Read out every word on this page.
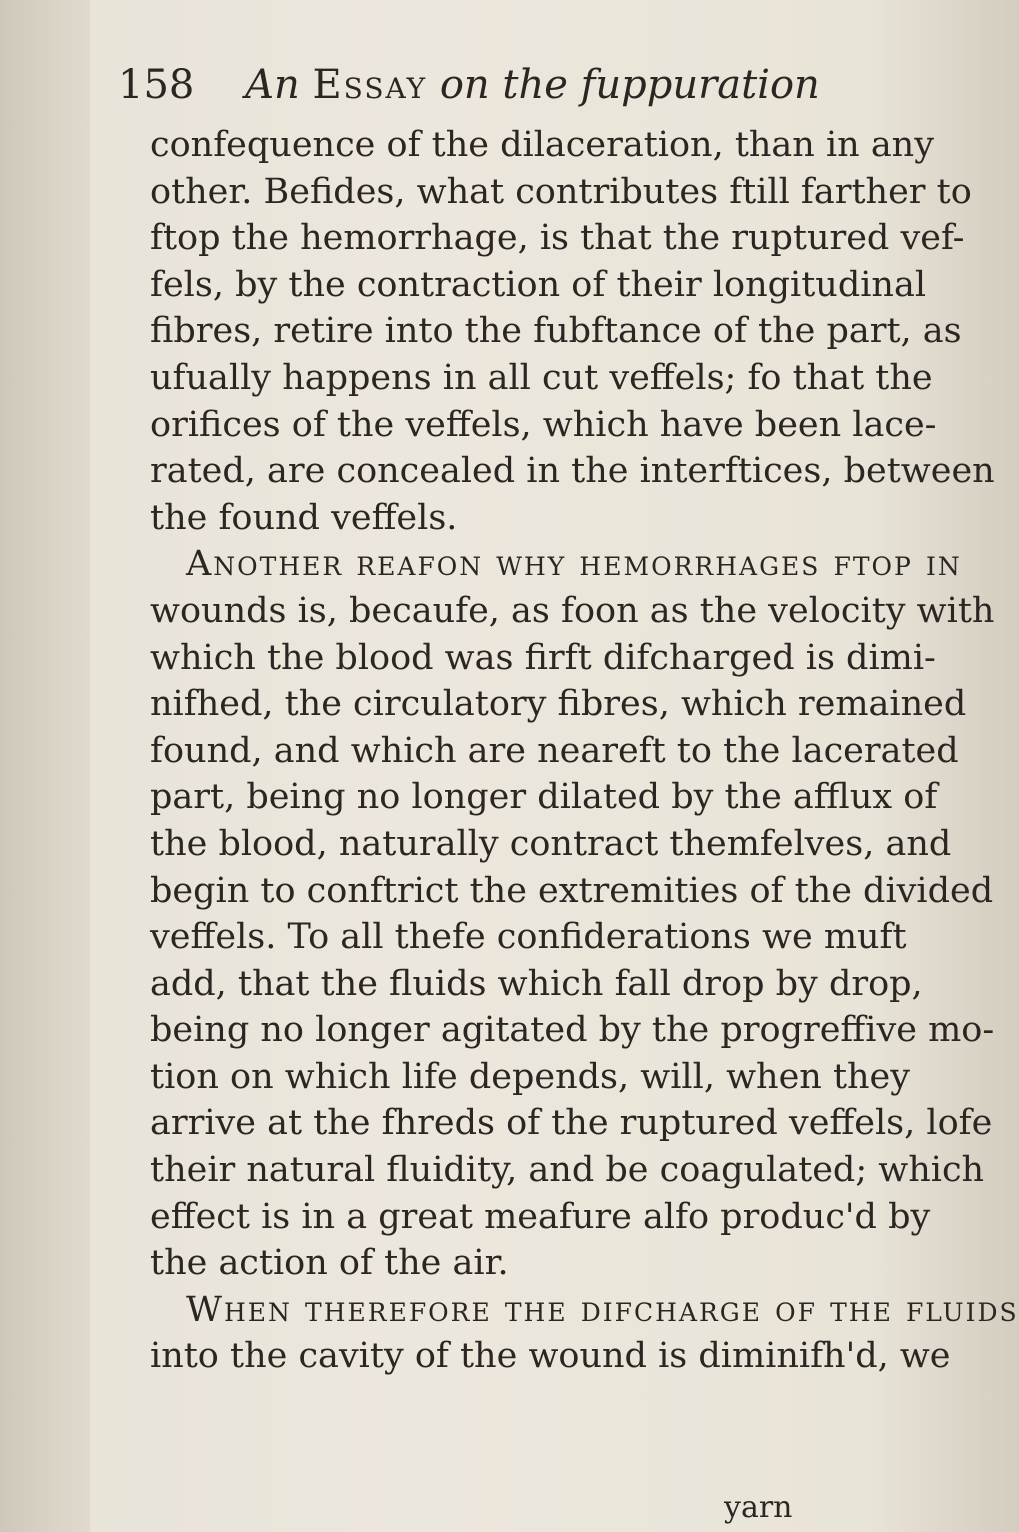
158 An Essay on the fuppuration
confequence of the dilaceration, than in any
other. Befides, what contributes ftill farther to
ftop the hemorrhage, is that the ruptured vef-
fels, by the contraction of their longitudinal
fibres, retire into the fubftance of the part, as
ufually happens in all cut veffels; fo that the
orifices of the veffels, which have been lace-
rated, are concealed in the interftices, between
the found veffels.
Another reafon why hemorrhages ftop in
wounds is, becaufe, as foon as the velocity with
which the blood was firft difcharged is dimi-
nifhed, the circulatory fibres, which remained
found, and which are neareft to the lacerated
part, being no longer dilated by the afflux of
the blood, naturally contract themfelves, and
begin to conftrict the extremities of the divided
veffels. To all thefe confiderations we muft
add, that the fluids which fall drop by drop,
being no longer agitated by the progreffive mo-
tion on which life depends, will, when they
arrive at the fhreds of the ruptured veffels, lofe
their natural fluidity, and be coagulated; which
effect is in a great meafure alfo produc'd by
the action of the air.
When therefore the difcharge of the fluids
into the cavity of the wound is diminifh'd, we
yarn
